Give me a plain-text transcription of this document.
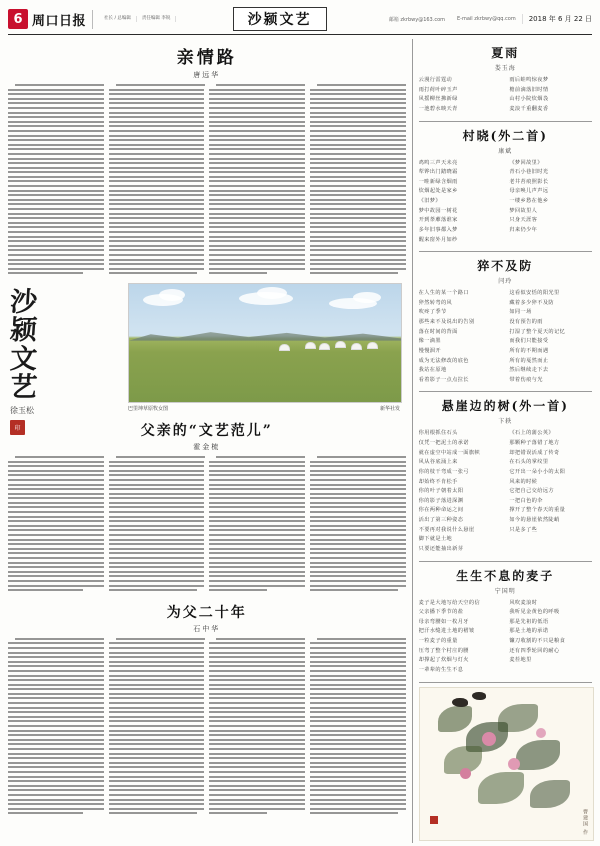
6 周口日报	社长 / 总编辑 责任编辑 李锐	沙颍文艺	邮箱 zkrbwy@163.com	E-mail zkrbwy@qq.com	2018 年 6 月 22 日
亲情路
唐远华
巴里坤草原牧女图	新华社发
沙
颍
文
艺
徐玉松
印	父亲的“文艺范儿”
霍金梳
为父二十年
石中华
夏雨
娄玉海
云漫行雷霆动
雨打荷叶碎玉声
风摇柳丝拂新绿
一池碧水映天青
雨后蛙鸣惊夜梦
檐前滴落旧时情
山村小院炊烟袅
麦浪千重翻麦香
村晓(外二首)
康斌
鸡鸣三声天未亮
犁铧出门踏晓霜
一畦新绿含烟雨
炊烟起处是家乡
《旧梦》
梦中故园一树花
开到荼蘼落谁家
多年旧事都入梦
醒来窗外月如纱
《梦回故里》
青石小巷旧时光
老井苔痕照影长
母亲唤儿声声远
一缕乡愁在他乡
梦回故里人
只身天涯客
归来仍少年
猝不及防
闫玲
在人生的某一个路口
猝然转弯的风
吹疼了季节
那些来不及说出的告别
落在时间的背面
像一滴墨
慢慢洇开
成为无法修改的底色
我站在原地
看着影子一点点拉长
这看似安恬的阳光里
藏着多少猝不及防
如同一场
没有预告的雨
打湿了整个夏天的记忆
而我们只能接受
所有的不期而遇
所有的戛然而止
然后继续走下去
带着伤痕与光
悬崖边的树(外一首)
卞轶
你用根抓住石头
仅凭一把泥土的承诺
就在虚空中站成一面旗帜
风从谷底涌上来
你的枝干弯成一张弓
却始终不肯松手
你的叶子朝着太阳
你的影子落进深渊
你在两种命运之间
活出了第三种姿态
不要再对我说什么悬崖
脚下就是土地
只要还能抽出新芽
《石上的蒲公英》
那颗种子落错了地方
却把错误活成了传奇
在石头的掌纹里
它开出一朵小小的太阳
风来的时候
它把自己交给远方
一把白色的伞
撑开了整个春天的重量
如今的悬崖依然陡峭
只是多了些
生生不息的麦子
宁国明
麦子是大地写给天空的信
父亲播下季节的盐
母亲弯腰如一枚月牙
把汗水缝进土地的褶皱
一粒麦子的重量
压弯了整个村庄的腰
却撑起了炊烟与灯火
一辈辈的生生不息
风吹麦浪时
我听见金黄色的呼吸
那是先祖的低语
那是土地的承诺
镰刀收割的不只是粮食
还有四季轮回的耐心
麦茬地里
曹建国 作
